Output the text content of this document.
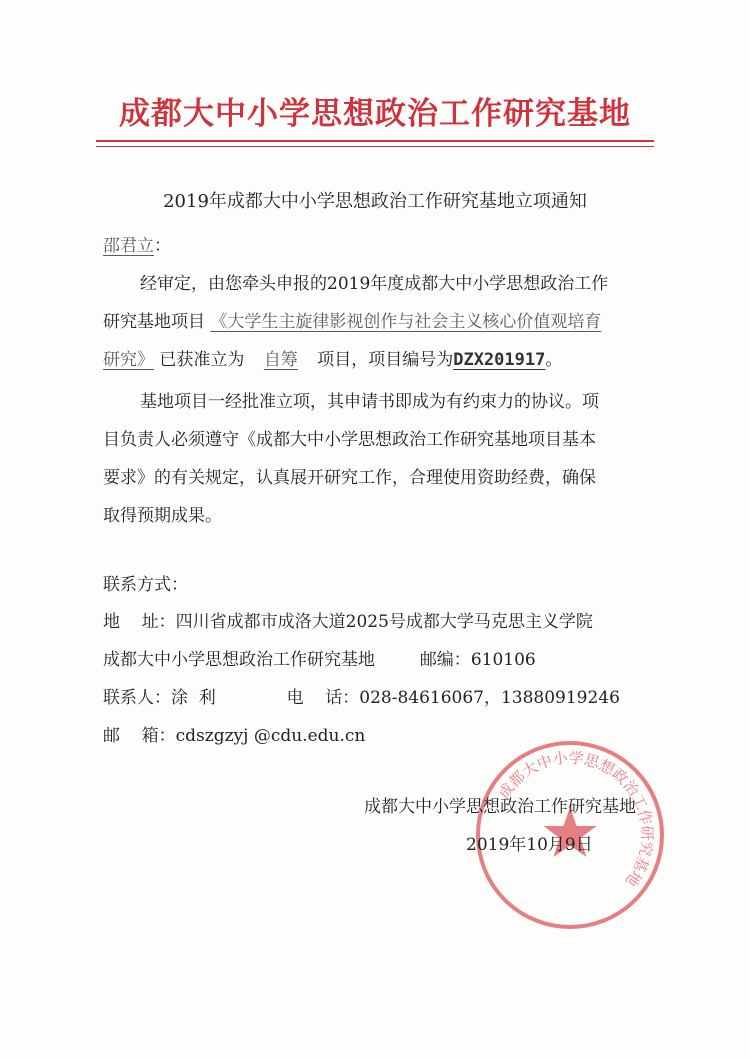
成都大中小学思想政治工作研究基地
2019年成都大中小学思想政治工作研究基地立项通知
邵君立：
经审定，由您牵头申报的2019年度成都大中小学思想政治工作
研究基地项目 《大学生主旋律影视创作与社会主义核心价值观培育
研究》 已获准立为 自筹 项目，项目编号为DZX201917。
基地项目一经批准立项，其申请书即成为有约束力的协议。项
目负责人必须遵守《成都大中小学思想政治工作研究基地项目基本
要求》的有关规定，认真展开研究工作，合理使用资助经费，确保
取得预期成果。
联系方式：
地    址：四川省成都市成洛大道2025号成都大学马克思主义学院
成都大中小学思想政治工作研究基地	邮编：610106
联系人：涂  利	电    话：028-84616067，13880919246
邮    箱：cdszgzyj @cdu.edu.cn
成都大中小学思想政治工作研究基地
成都大中小学思想政治工作研究基地
2019年10月9日
